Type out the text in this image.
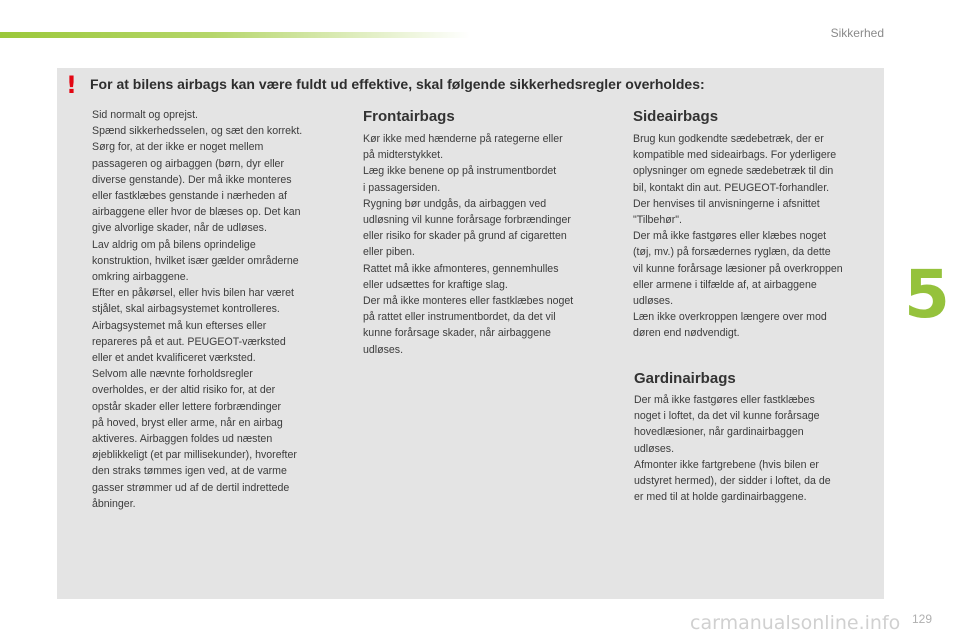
Sikkerhed
! For at bilens airbags kan være fuldt ud effektive, skal følgende sikkerhedsregler overholdes:

Sid normalt og oprejst.

Spænd sikkerhedsselen, og sæt den korrekt.

Sørg for, at der ikke er noget mellem

passageren og airbaggen (børn, dyr eller

diverse genstande). Der må ikke monteres

eller fastklæbes genstande i nærheden af

airbaggene eller hvor de blæses op. Det kan

give alvorlige skader, når de udløses.

Lav aldrig om på bilens oprindelige

konstruktion, hvilket især gælder områderne

omkring airbaggene.

Efter en påkørsel, eller hvis bilen har været

stjålet, skal airbagsystemet kontrolleres.

Airbagsystemet må kun efterses eller

repareres på et aut. PEUGEOT-værksted

eller et andet kvalificeret værksted.

Selvom alle nævnte forholdsregler

overholdes, er der altid risiko for, at der

opstår skader eller lettere forbrændinger

på hoved, bryst eller arme, når en airbag

aktiveres. Airbaggen foldes ud næsten

øjeblikkeligt (et par millisekunder), hvorefter

den straks tømmes igen ved, at de varme

gasser strømmer ud af de dertil indrettede

åbninger.

Frontairbags

Kør ikke med hænderne på rategerne eller

på midterstykket.

Læg ikke benene op på instrumentbordet

i passagersiden.

Rygning bør undgås, da airbaggen ved

udløsning vil kunne forårsage forbrændinger

eller risiko for skader på grund af cigaretten

eller piben.

Rattet må ikke afmonteres, gennemhulles

eller udsættes for kraftige slag.

Der må ikke monteres eller fastklæbes noget

på rattet eller instrumentbordet, da det vil

kunne forårsage skader, når airbaggene

udløses.

Sideairbags

Brug kun godkendte sædebetræk, der er

kompatible med sideairbags. For yderligere

oplysninger om egnede sædebetræk til din

bil, kontakt din aut. PEUGEOT-forhandler.

Der henvises til anvisningerne i afsnittet

"Tilbehør".

Der må ikke fastgøres eller klæbes noget

(tøj, mv.) på forsædernes ryglæn, da dette

vil kunne forårsage læsioner på overkroppen

eller armene i tilfælde af, at airbaggene

udløses.

Læn ikke overkroppen længere over mod

døren end nødvendigt.

Gardinairbags

Der må ikke fastgøres eller fastklæbes

noget i loftet, da det vil kunne forårsage

hovedlæsioner, når gardinairbaggen

udløses.

Afmonter ikke fartgrebene (hvis bilen er

udstyret hermed), der sidder i loftet, da de

er med til at holde gardinairbaggene.

5
carmanualsonline.info 129
